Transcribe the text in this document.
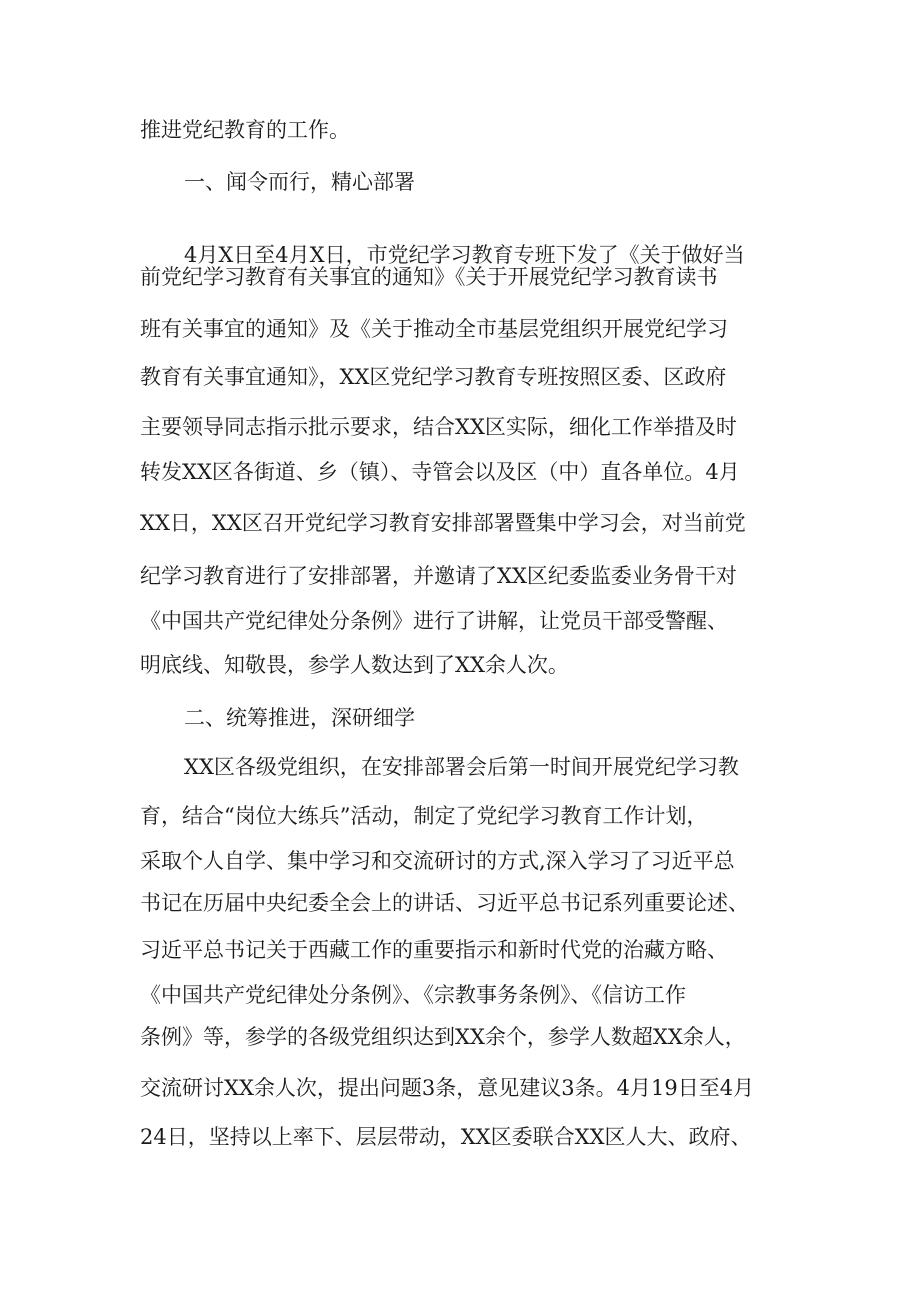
推进党纪教育的工作。
一、闻令而行，精心部署
4月X日至4月X日，市党纪学习教育专班下发了《关于做好当
前党纪学习教育有关事宜的通知》《关于开展党纪学习教育读书
班有关事宜的通知》及《关于推动全市基层党组织开展党纪学习
教育有关事宜通知》，XX区党纪学习教育专班按照区委、区政府
主要领导同志指示批示要求，结合XX区实际，细化工作举措及时
转发XX区各街道、乡（镇）、寺管会以及区（中）直各单位。4月
XX日，XX区召开党纪学习教育安排部署暨集中学习会，对当前党
纪学习教育进行了安排部署，并邀请了XX区纪委监委业务骨干对
《中国共产党纪律处分条例》进行了讲解，让党员干部受警醒、
明底线、知敬畏，参学人数达到了XX余人次。
二、统筹推进，深研细学
XX区各级党组织，在安排部署会后第一时间开展党纪学习教
育，结合“岗位大练兵”活动，制定了党纪学习教育工作计划，
采取个人自学、集中学习和交流研讨的方式,深入学习了习近平总
书记在历届中央纪委全会上的讲话、习近平总书记系列重要论述、
习近平总书记关于西藏工作的重要指示和新时代党的治藏方略、
《中国共产党纪律处分条例》、《宗教事务条例》、《信访工作
条例》等，参学的各级党组织达到XX余个，参学人数超XX余人，
交流研讨XX余人次，提出问题3条，意见建议3条。4月19日至4月
24日，坚持以上率下、层层带动，XX区委联合XX区人大、政府、
